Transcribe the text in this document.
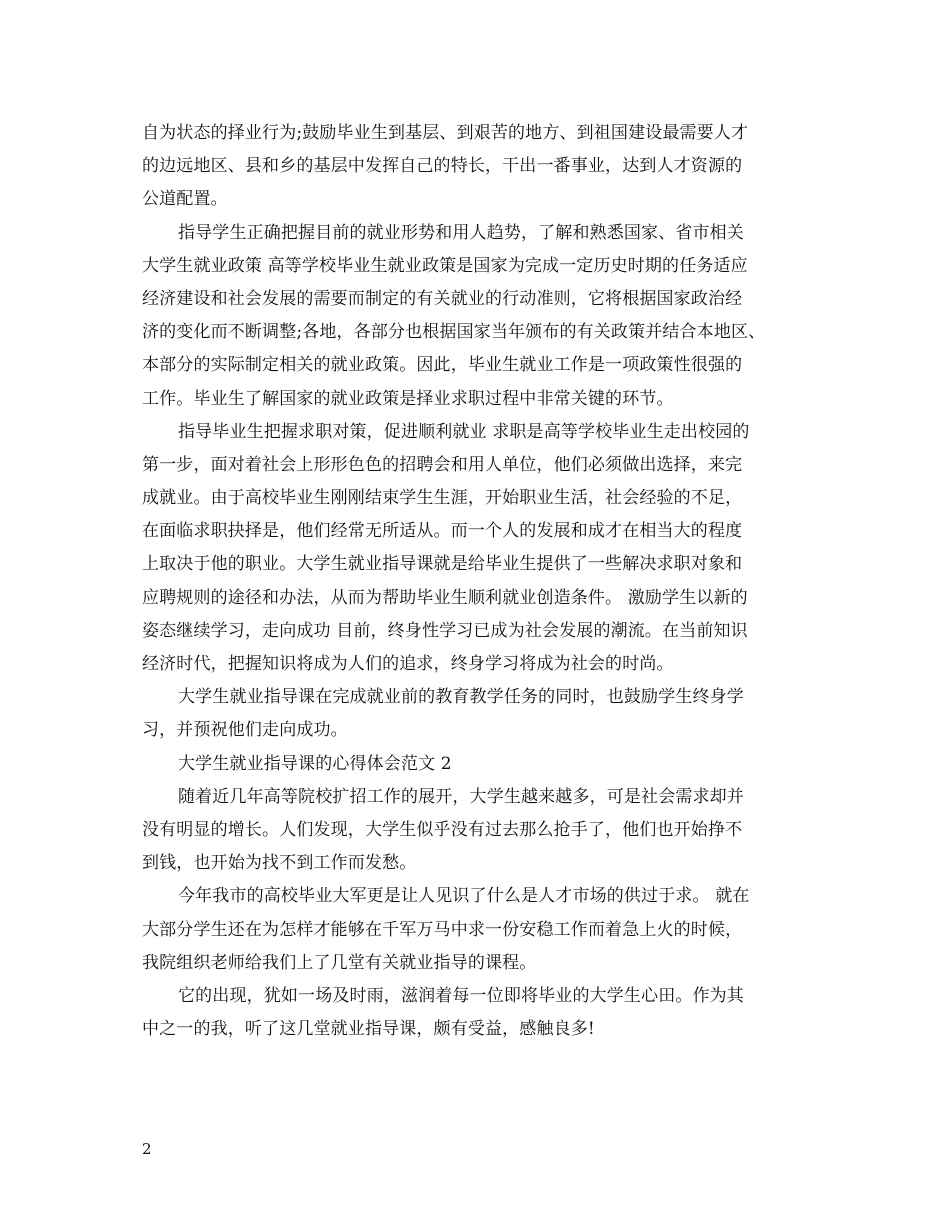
自为状态的择业行为;鼓励毕业生到基层、到艰苦的地方、到祖国建设最需要人才
的边远地区、县和乡的基层中发挥自己的特长，干出一番事业，达到人才资源的
公道配置。
指导学生正确把握目前的就业形势和用人趋势，了解和熟悉国家、省市相关
大学生就业政策 高等学校毕业生就业政策是国家为完成一定历史时期的任务适应
经济建设和社会发展的需要而制定的有关就业的行动准则，它将根据国家政治经
济的变化而不断调整;各地，各部分也根据国家当年颁布的有关政策并结合本地区、
本部分的实际制定相关的就业政策。因此，毕业生就业工作是一项政策性很强的
工作。毕业生了解国家的就业政策是择业求职过程中非常关键的环节。
指导毕业生把握求职对策，促进顺利就业 求职是高等学校毕业生走出校园的
第一步，面对着社会上形形色色的招聘会和用人单位，他们必须做出选择，来完
成就业。由于高校毕业生刚刚结束学生生涯，开始职业生活，社会经验的不足，
在面临求职抉择是，他们经常无所适从。而一个人的发展和成才在相当大的程度
上取决于他的职业。大学生就业指导课就是给毕业生提供了一些解决求职对象和
应聘规则的途径和办法，从而为帮助毕业生顺利就业创造条件。 激励学生以新的
姿态继续学习，走向成功 目前，终身性学习已成为社会发展的潮流。在当前知识
经济时代，把握知识将成为人们的追求，终身学习将成为社会的时尚。
大学生就业指导课在完成就业前的教育教学任务的同时，也鼓励学生终身学
习，并预祝他们走向成功。
大学生就业指导课的心得体会范文 2
随着近几年高等院校扩招工作的展开，大学生越来越多，可是社会需求却并
没有明显的增长。人们发现，大学生似乎没有过去那么抢手了，他们也开始挣不
到钱，也开始为找不到工作而发愁。
今年我市的高校毕业大军更是让人见识了什么是人才市场的供过于求。 就在
大部分学生还在为怎样才能够在千军万马中求一份安稳工作而着急上火的时候，
我院组织老师给我们上了几堂有关就业指导的课程。
它的出现，犹如一场及时雨，滋润着每一位即将毕业的大学生心田。作为其
中之一的我，听了这几堂就业指导课，颇有受益，感触良多!
2
